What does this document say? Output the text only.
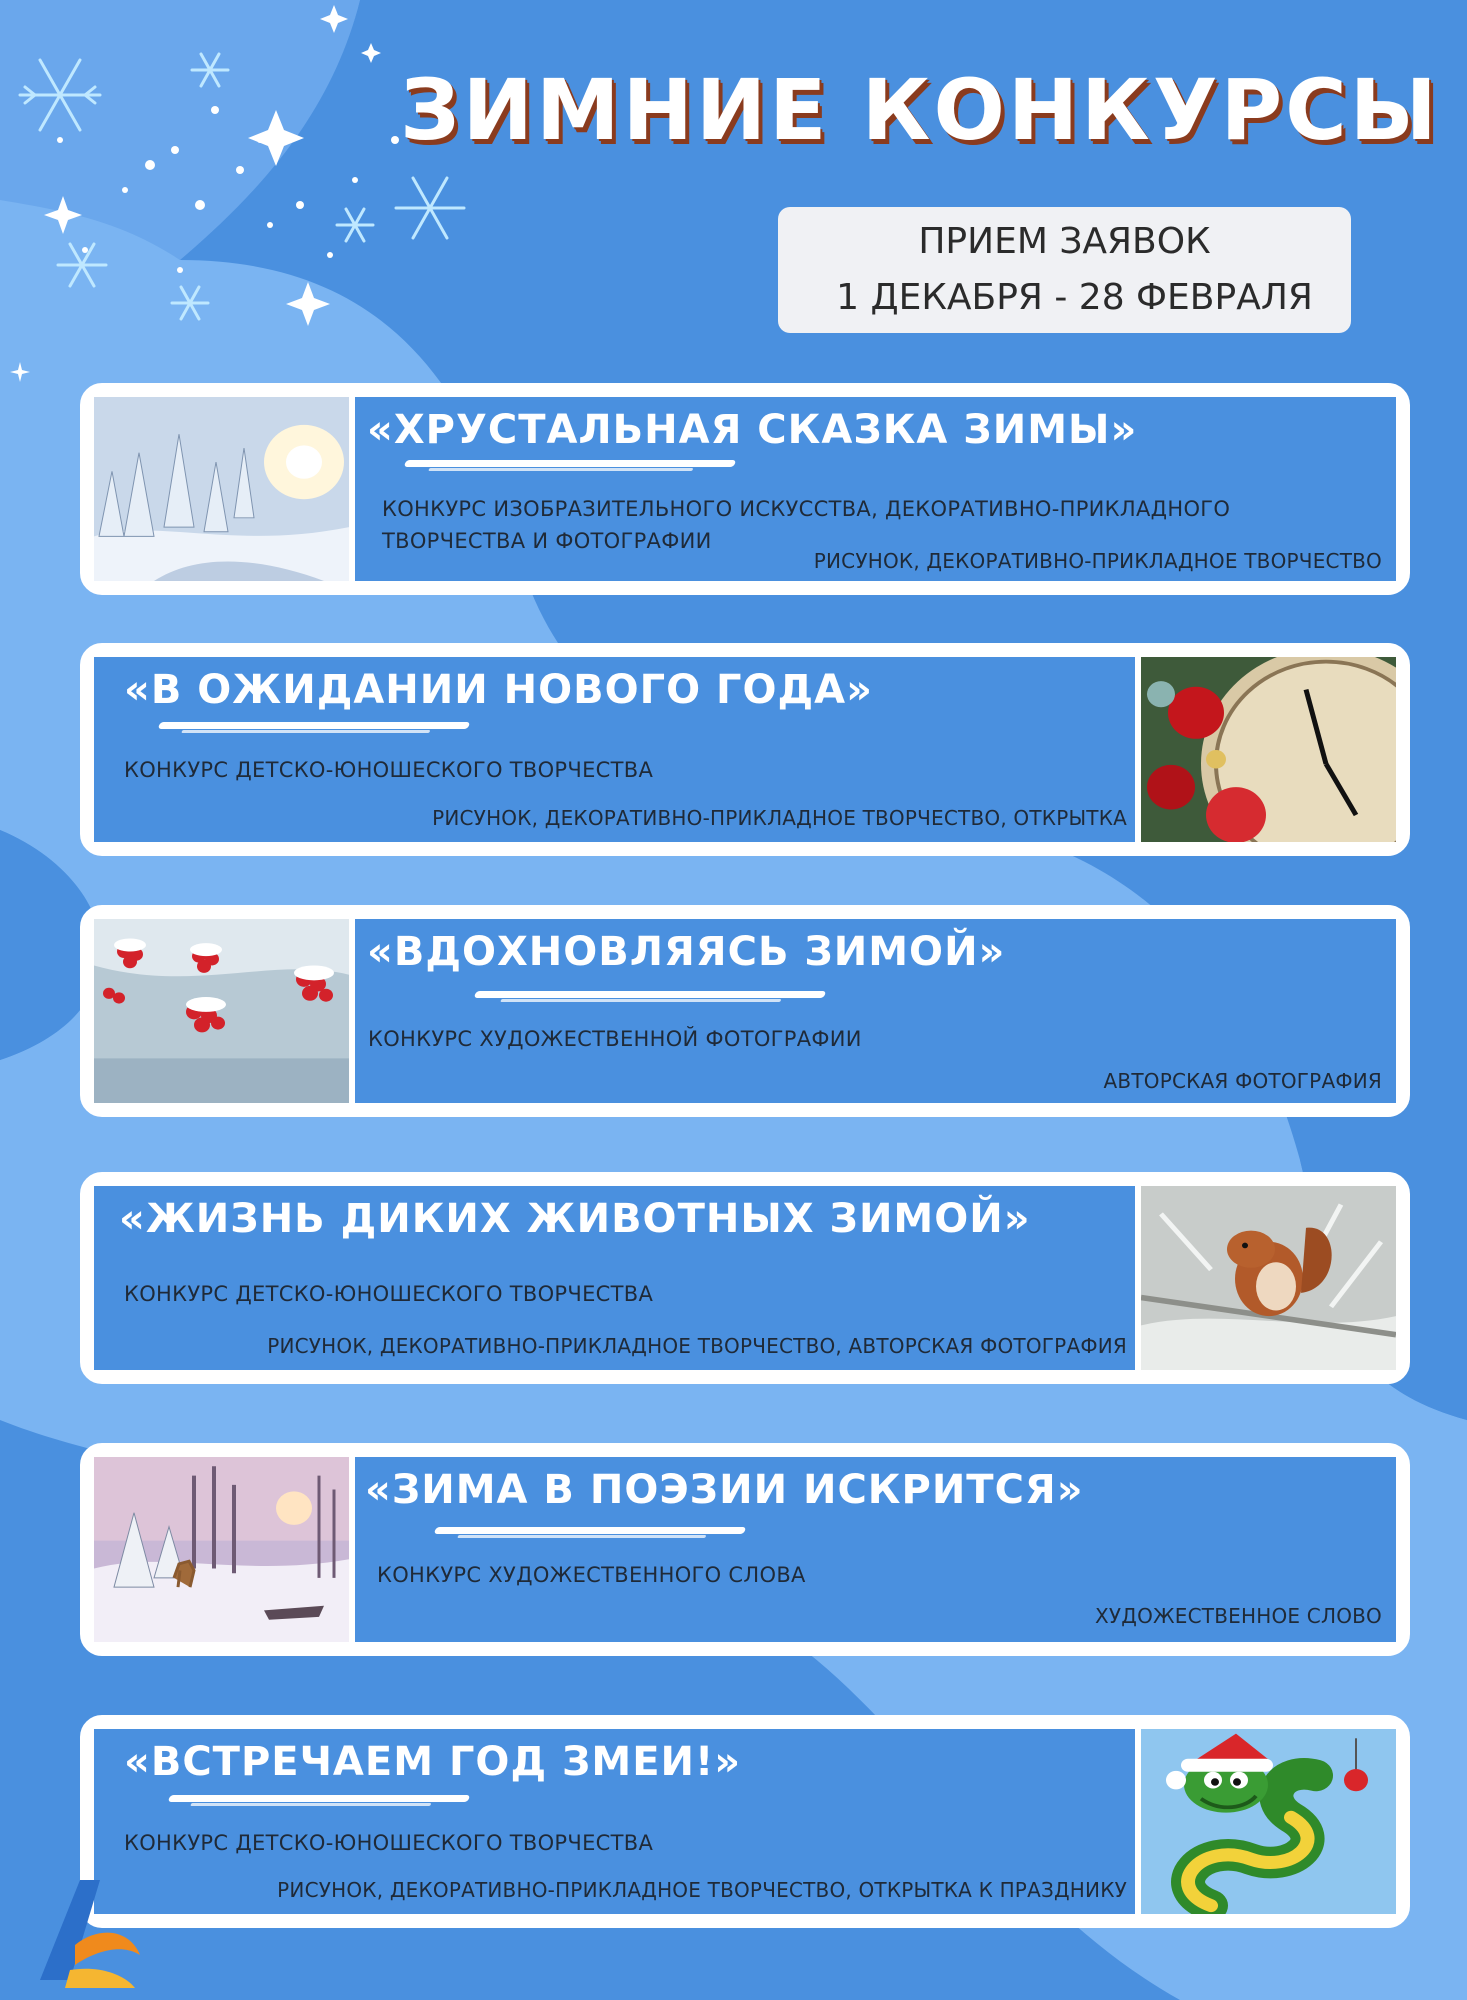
ЗИМНИЕ КОНКУРСЫ
ПРИЕМ ЗАЯВОК
1 ДЕКАБРЯ - 28 ФЕВРАЛЯ
«ХРУСТАЛЬНАЯ СКАЗКА ЗИМЫ»
КОНКУРС ИЗОБРАЗИТЕЛЬНОГО ИСКУССТВА, ДЕКОРАТИВНО-ПРИКЛАДНОГО ТВОРЧЕСТВА И ФОТОГРАФИИ
РИСУНОК, ДЕКОРАТИВНО-ПРИКЛАДНОЕ ТВОРЧЕСТВО
«В ОЖИДАНИИ НОВОГО ГОДА»
КОНКУРС ДЕТСКО-ЮНОШЕСКОГО ТВОРЧЕСТВА
РИСУНОК, ДЕКОРАТИВНО-ПРИКЛАДНОЕ ТВОРЧЕСТВО, ОТКРЫТКА
«ВДОХНОВЛЯЯСЬ ЗИМОЙ»
КОНКУРС ХУДОЖЕСТВЕННОЙ ФОТОГРАФИИ
АВТОРСКАЯ ФОТОГРАФИЯ
«ЖИЗНЬ ДИКИХ ЖИВОТНЫХ ЗИМОЙ»
КОНКУРС ДЕТСКО-ЮНОШЕСКОГО ТВОРЧЕСТВА
РИСУНОК, ДЕКОРАТИВНО-ПРИКЛАДНОЕ ТВОРЧЕСТВО, АВТОРСКАЯ ФОТОГРАФИЯ
«ЗИМА В ПОЭЗИИ ИСКРИТСЯ»
КОНКУРС ХУДОЖЕСТВЕННОГО СЛОВА
ХУДОЖЕСТВЕННОЕ СЛОВО
«ВСТРЕЧАЕМ ГОД ЗМЕИ!»
КОНКУРС ДЕТСКО-ЮНОШЕСКОГО ТВОРЧЕСТВА
РИСУНОК, ДЕКОРАТИВНО-ПРИКЛАДНОЕ ТВОРЧЕСТВО, ОТКРЫТКА К ПРАЗДНИКУ
